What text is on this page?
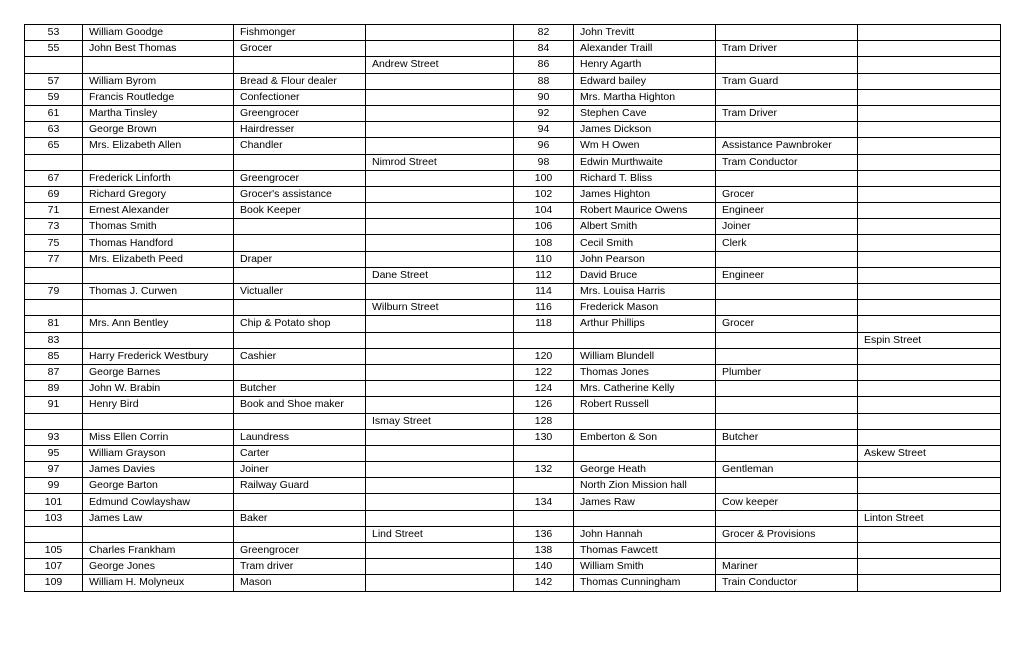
53	William Goodge	Fishmonger		82	John Trevitt		
55	John Best Thomas	Grocer		84	Alexander Traill	Tram Driver	
			Andrew Street	86	Henry Agarth		
57	William Byrom	Bread & Flour dealer		88	Edward bailey	Tram Guard	
59	Francis Routledge	Confectioner		90	Mrs. Martha Highton		
61	Martha Tinsley	Greengrocer		92	Stephen Cave	Tram Driver	
63	George Brown	Hairdresser		94	James Dickson		
65	Mrs. Elizabeth Allen	Chandler		96	Wm H Owen	Assistance Pawnbroker	
			Nimrod Street	98	Edwin Murthwaite	Tram Conductor	
67	Frederick Linforth	Greengrocer		100	Richard T. Bliss		
69	Richard Gregory	Grocer's assistance		102	James Highton	Grocer	
71	Ernest Alexander	Book Keeper		104	Robert Maurice Owens	Engineer	
73	Thomas Smith			106	Albert Smith	Joiner	
75	Thomas Handford			108	Cecil Smith	Clerk	
77	Mrs. Elizabeth Peed	Draper		110	John Pearson		
			Dane Street	112	David Bruce	Engineer	
79	Thomas J. Curwen	Victualler		114	Mrs. Louisa Harris		
			Wilburn Street	116	Frederick Mason		
81	Mrs. Ann Bentley	Chip & Potato shop		118	Arthur Phillips	Grocer	
83							Espin Street
85	Harry Frederick Westbury	Cashier		120	William Blundell		
87	George Barnes			122	Thomas Jones	Plumber	
89	John W. Brabin	Butcher		124	Mrs. Catherine Kelly		
91	Henry Bird	Book and Shoe maker		126	Robert Russell		
			Ismay Street	128			
93	Miss Ellen Corrin	Laundress		130	Emberton & Son	Butcher	
95	William Grayson	Carter					Askew Street
97	James Davies	Joiner		132	George Heath	Gentleman	
99	George Barton	Railway Guard			North Zion Mission hall		
101	Edmund Cowlayshaw			134	James Raw	Cow keeper	
103	James Law	Baker					Linton Street
			Lind Street	136	John Hannah	Grocer & Provisions	
105	Charles Frankham	Greengrocer		138	Thomas Fawcett		
107	George Jones	Tram driver		140	William Smith	Mariner	
109	William H. Molyneux	Mason		142	Thomas Cunningham	Train Conductor	
